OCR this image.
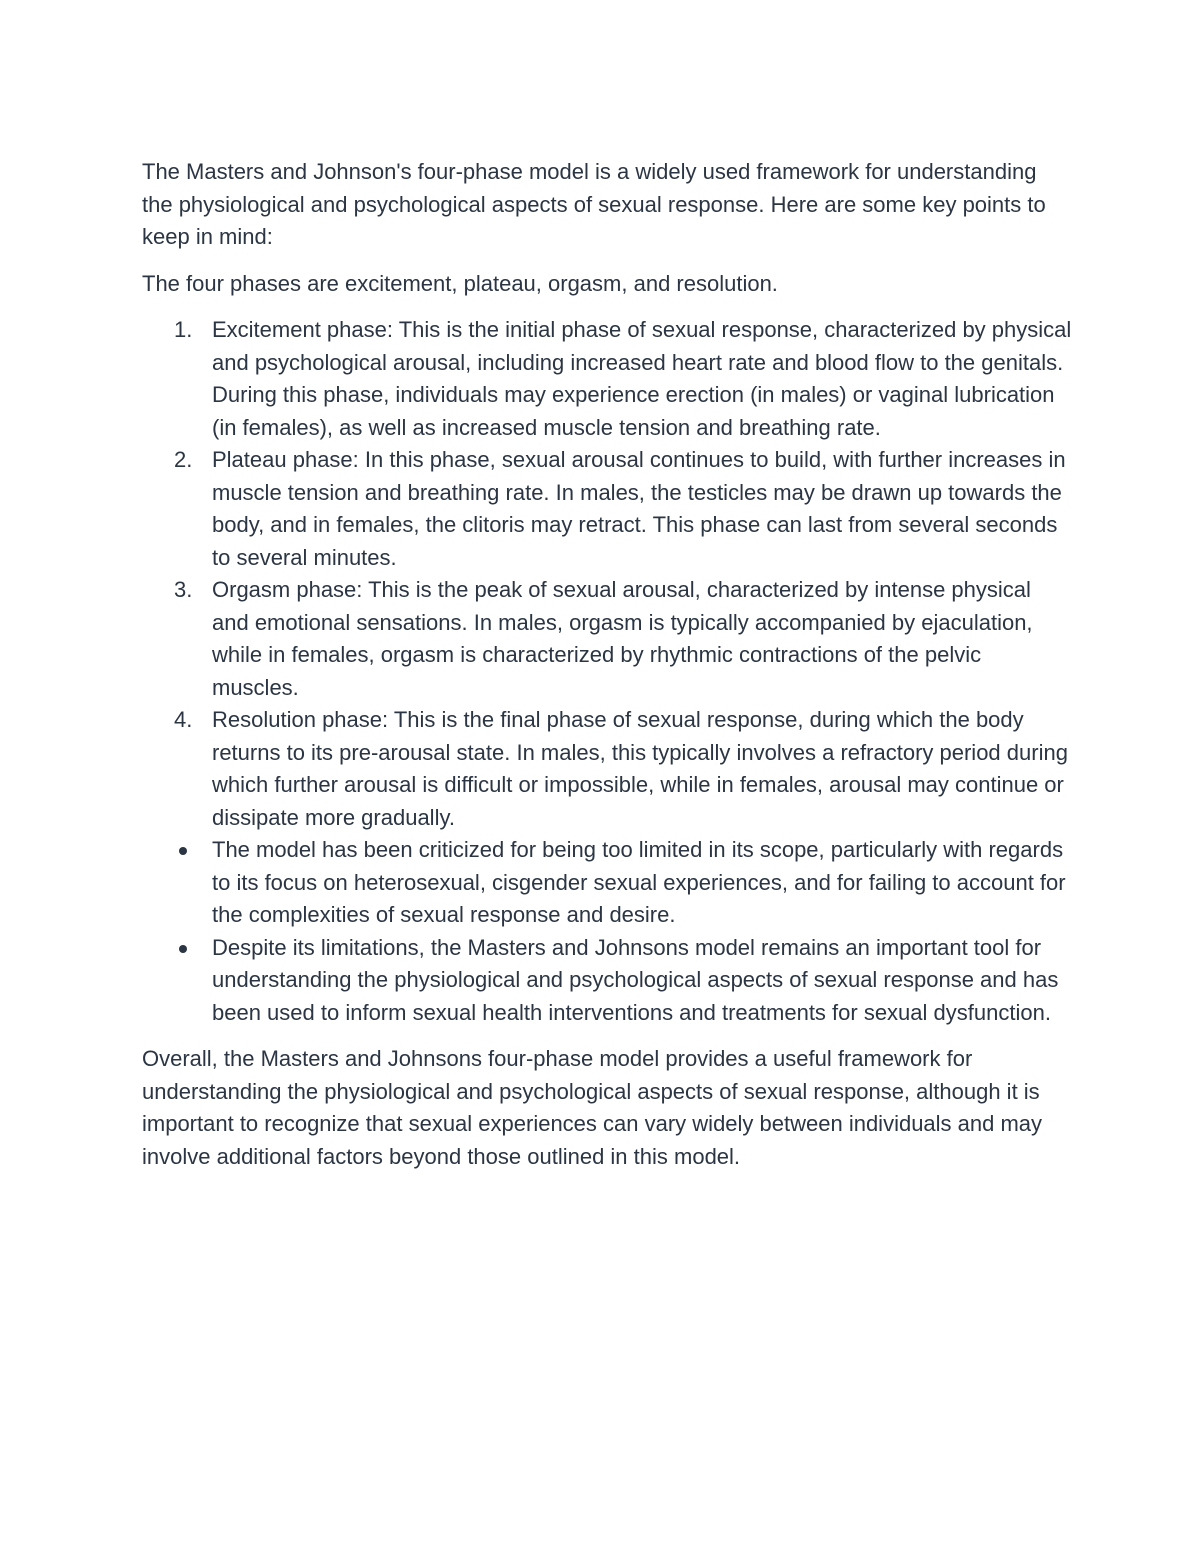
The Masters and Johnson's four-phase model is a widely used framework for understanding the physiological and psychological aspects of sexual response. Here are some key points to keep in mind:

The four phases are excitement, plateau, orgasm, and resolution.

1. Excitement phase: This is the initial phase of sexual response, characterized by physical and psychological arousal, including increased heart rate and blood flow to the genitals. During this phase, individuals may experience erection (in males) or vaginal lubrication (in females), as well as increased muscle tension and breathing rate.
2. Plateau phase: In this phase, sexual arousal continues to build, with further increases in muscle tension and breathing rate. In males, the testicles may be drawn up towards the body, and in females, the clitoris may retract. This phase can last from several seconds to several minutes.
3. Orgasm phase: This is the peak of sexual arousal, characterized by intense physical and emotional sensations. In males, orgasm is typically accompanied by ejaculation, while in females, orgasm is characterized by rhythmic contractions of the pelvic muscles.
4. Resolution phase: This is the final phase of sexual response, during which the body returns to its pre-arousal state. In males, this typically involves a refractory period during which further arousal is difficult or impossible, while in females, arousal may continue or dissipate more gradually.
The model has been criticized for being too limited in its scope, particularly with regards to its focus on heterosexual, cisgender sexual experiences, and for failing to account for the complexities of sexual response and desire.
Despite its limitations, the Masters and Johnsons model remains an important tool for understanding the physiological and psychological aspects of sexual response and has been used to inform sexual health interventions and treatments for sexual dysfunction.

Overall, the Masters and Johnsons four-phase model provides a useful framework for understanding the physiological and psychological aspects of sexual response, although it is important to recognize that sexual experiences can vary widely between individuals and may involve additional factors beyond those outlined in this model.
